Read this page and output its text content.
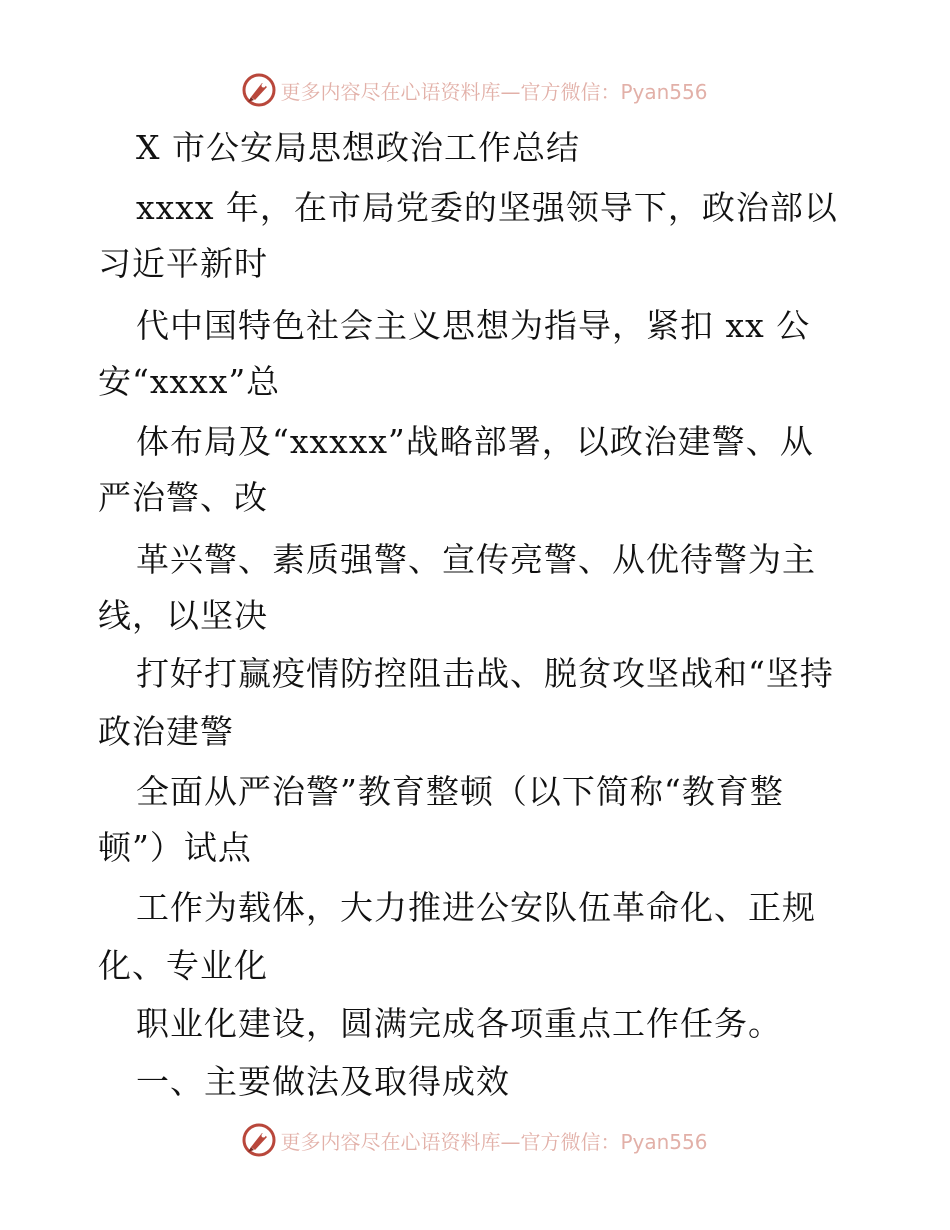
更多内容尽在心语资料库—官方微信：Pyan556
X 市公安局思想政治工作总结
xxxx 年，在市局党委的坚强领导下，政治部以
习近平新时
代中国特色社会主义思想为指导，紧扣 xx 公
安“xxxx”总
体布局及“xxxxx”战略部署，以政治建警、从
严治警、改
革兴警、素质强警、宣传亮警、从优待警为主
线，以坚决
打好打赢疫情防控阻击战、脱贫攻坚战和“坚持
政治建警
全面从严治警”教育整顿（以下简称“教育整
顿”）试点
工作为载体，大力推进公安队伍革命化、正规
化、专业化
职业化建设，圆满完成各项重点工作任务。
一、主要做法及取得成效
更多内容尽在心语资料库—官方微信：Pyan556
